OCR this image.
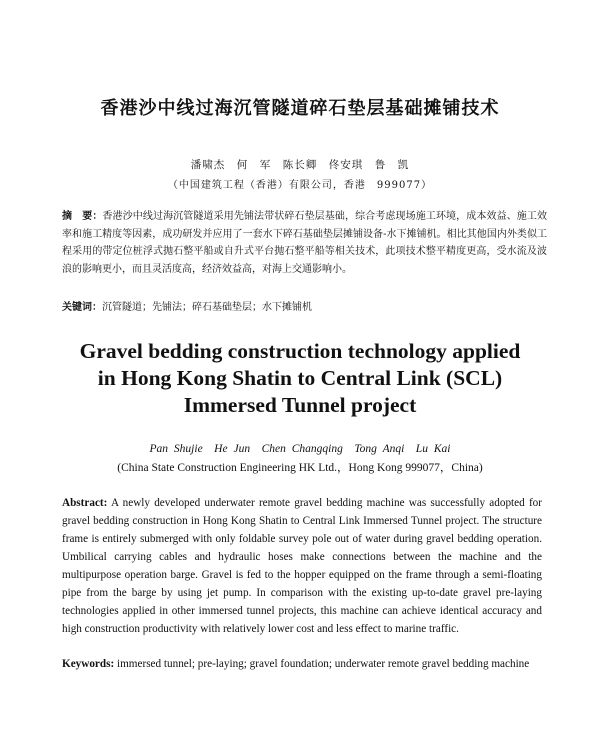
香港沙中线过海沉管隧道碎石垫层基础摊铺技术
潘啸杰　何　军　陈长卿　佟安琪　鲁　凯
（中国建筑工程（香港）有限公司，香港　999077）
摘　要：香港沙中线过海沉管隧道采用先铺法带状碎石垫层基础，综合考虑现场施工环境，成本效益、施工效率和施工精度等因素，成功研发并应用了一套水下碎石基础垫层摊铺设备-水下摊铺机。相比其他国内外类似工程采用的带定位桩浮式抛石整平船或自升式平台抛石整平船等相关技术，此项技术整平精度更高，受水流及波浪的影响更小，而且灵活度高，经济效益高，对海上交通影响小。
关键词：沉管隧道；先铺法；碎石基础垫层；水下摊铺机
Gravel bedding construction technology applied
in Hong Kong Shatin to Central Link (SCL)
Immersed Tunnel project
Pan Shujie　He Jun　Chen Changqing　Tong Anqi　Lu Kai
(China State Construction Engineering HK Ltd.，Hong Kong 999077，China)
Abstract: A newly developed underwater remote gravel bedding machine was successfully adopted for gravel bedding construction in Hong Kong Shatin to Central Link Immersed Tunnel project. The structure frame is entirely submerged with only foldable survey pole out of water during gravel bedding operation. Umbilical carrying cables and hydraulic hoses make connections between the machine and the multipurpose operation barge. Gravel is fed to the hopper equipped on the frame through a semi-floating pipe from the barge by using jet pump. In comparison with the existing up-to-date gravel pre-laying technologies applied in other immersed tunnel projects, this machine can achieve identical accuracy and high construction productivity with relatively lower cost and less effect to marine traffic.
Keywords: immersed tunnel; pre-laying; gravel foundation; underwater remote gravel bedding machine
